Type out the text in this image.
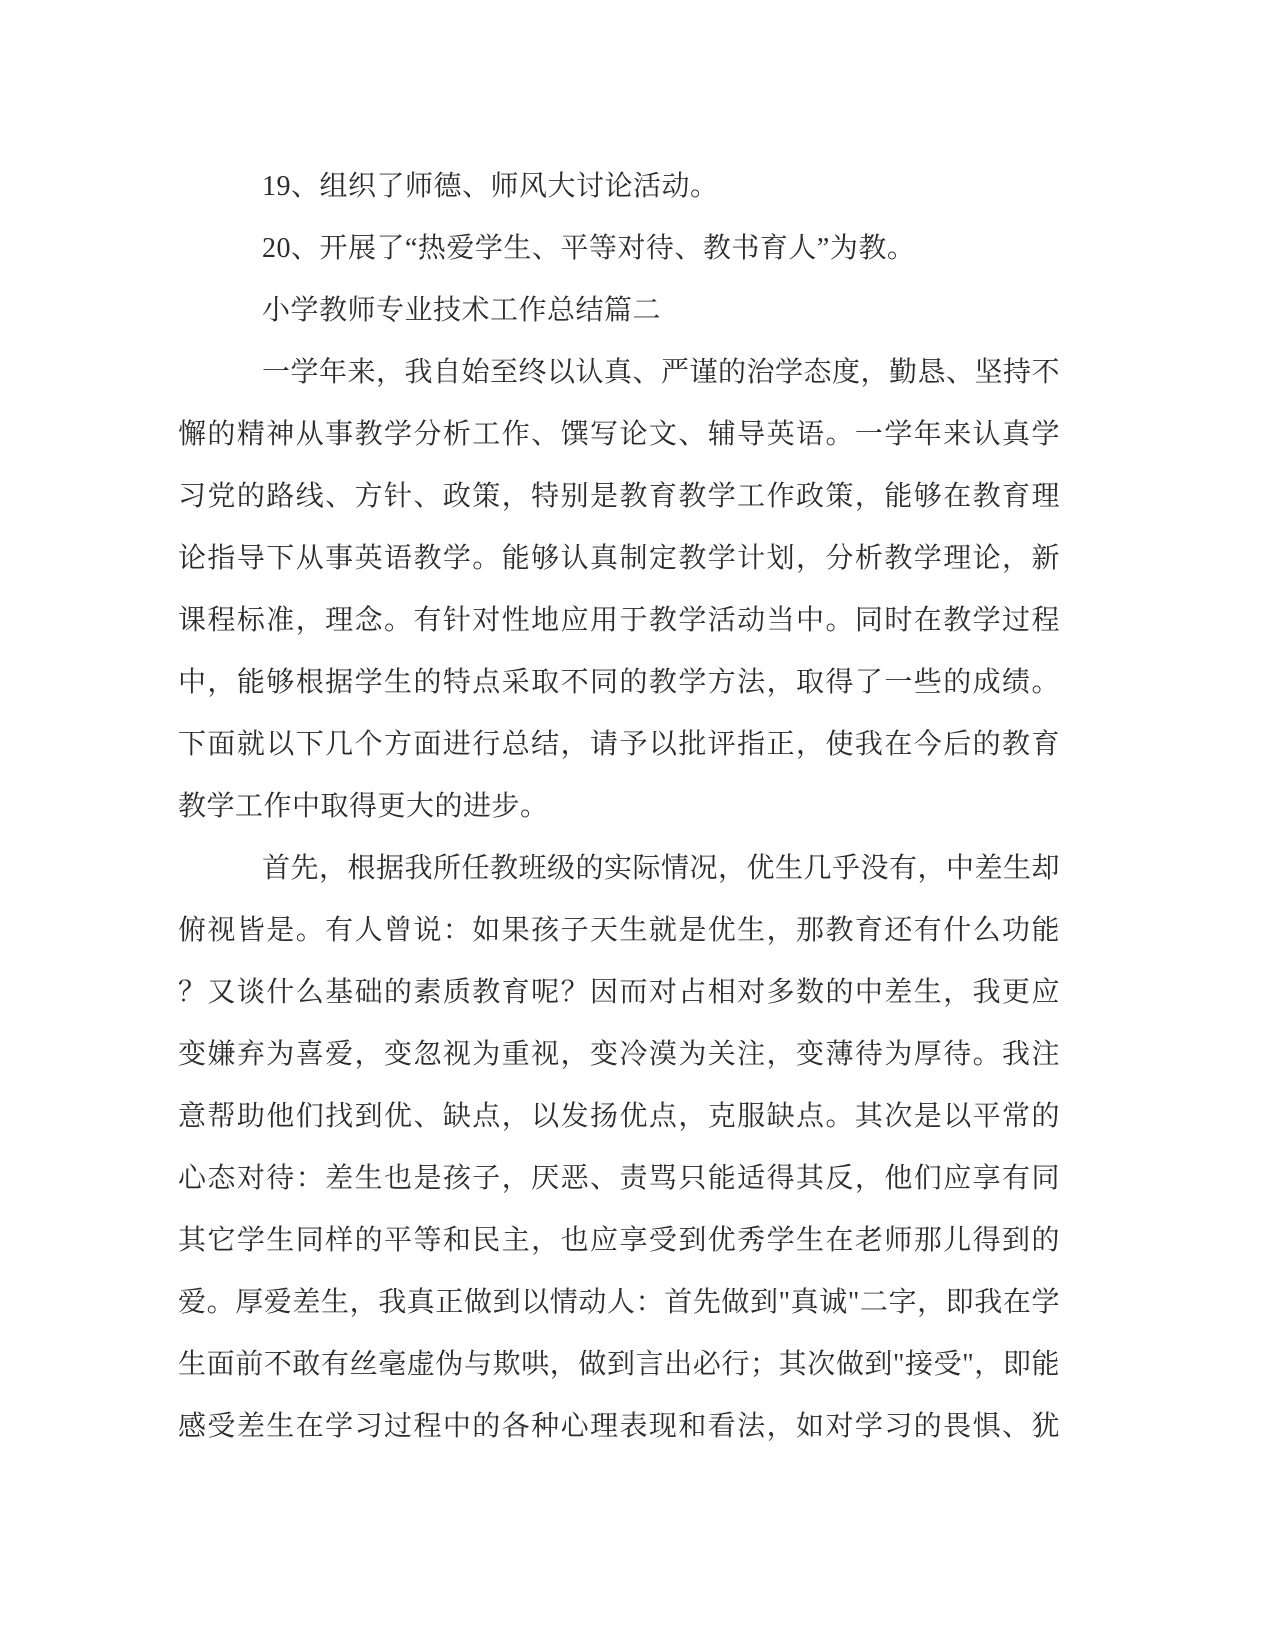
19、组织了师德、师风大讨论活动。
20、开展了“热爱学生、平等对待、教书育人”为教。
小学教师专业技术工作总结篇二
一学年来，我自始至终以认真、严谨的治学态度，勤恳、坚持不
懈的精神从事教学分析工作、馔写论文、辅导英语。一学年来认真学
习党的路线、方针、政策，特别是教育教学工作政策，能够在教育理
论指导下从事英语教学。能够认真制定教学计划，分析教学理论，新
课程标准，理念。有针对性地应用于教学活动当中。同时在教学过程
中，能够根据学生的特点采取不同的教学方法，取得了一些的成绩。
下面就以下几个方面进行总结，请予以批评指正，使我在今后的教育
教学工作中取得更大的进步。
首先，根据我所任教班级的实际情况，优生几乎没有，中差生却
俯视皆是。有人曾说：如果孩子天生就是优生，那教育还有什么功能
？又谈什么基础的素质教育呢？因而对占相对多数的中差生，我更应
变嫌弃为喜爱，变忽视为重视，变冷漠为关注，变薄待为厚待。我注
意帮助他们找到优、缺点，以发扬优点，克服缺点。其次是以平常的
心态对待：差生也是孩子，厌恶、责骂只能适得其反，他们应享有同
其它学生同样的平等和民主，也应享受到优秀学生在老师那儿得到的
爱。厚爱差生，我真正做到以情动人：首先做到"真诚"二字，即我在学
生面前不敢有丝毫虚伪与欺哄，做到言出必行；其次做到"接受"，即能
感受差生在学习过程中的各种心理表现和看法，如对学习的畏惧、犹
